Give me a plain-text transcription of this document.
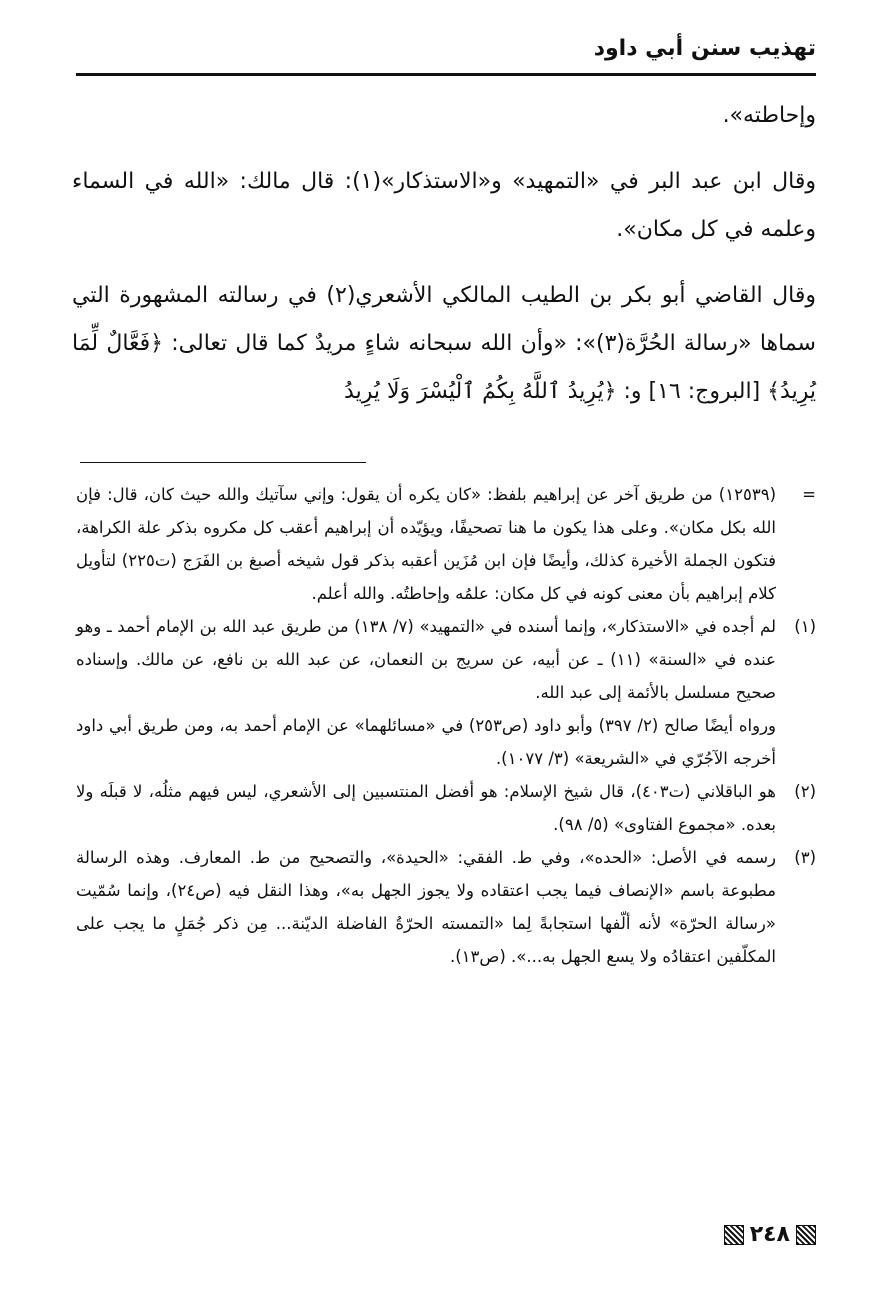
تهذيب سنن أبي داود

وإحاطته».

وقال ابن عبد البر في «التمهيد» و«الاستذكار»(١): قال مالك: «الله في السماء وعلمه في كل مكان».

وقال القاضي أبو بكر بن الطيب المالكي الأشعري(٢) في رسالته المشهورة التي سماها «رسالة الحُرَّة(٣)»: «وأن الله سبحانه شاءٍ مريدٌ كما قال تعالى: ﴿فَعَّالٌ لِّمَا يُرِيدُ﴾ [البروج: ١٦] و: ﴿يُرِيدُ ٱللَّهُ بِكُمُ ٱلْيُسْرَ وَلَا يُرِيدُ

=
(١٢٥٣٩) من طريق آخر عن إبراهيم بلفظ: «كان يكره أن يقول: وإني سآتيك والله حيث كان، قال: فإن الله بكل مكان». وعلى هذا يكون ما هنا تصحيفًا، ويؤيّده أن إبراهيم أعقب كل مكروه بذكر علة الكراهة، فتكون الجملة الأخيرة كذلك، وأيضًا فإن ابن مُزَين أعقبه بذكر قول شيخه أصبغ بن الفَرَج (ت٢٢٥) لتأويل كلام إبراهيم بأن معنى كونه في كل مكان: علمُه وإحاطتُه. والله أعلم.
(١)
لم أجده في «الاستذكار»، وإنما أسنده في «التمهيد» (٧/ ١٣٨) من طريق عبد الله بن الإمام أحمد ـ وهو عنده في «السنة» (١١) ـ عن أبيه، عن سريج بن النعمان، عن عبد الله بن نافع، عن مالك. وإسناده صحيح مسلسل بالأئمة إلى عبد الله.
ورواه أيضًا صالح (٢/ ٣٩٧) وأبو داود (ص٢٥٣) في «مسائلهما» عن الإمام أحمد به، ومن طريق أبي داود أخرجه الآجُرّي في «الشريعة» (٣/ ١٠٧٧).
(٢)
هو الباقلاني (ت٤٠٣)، قال شيخ الإسلام: هو أفضل المنتسبين إلى الأشعري، ليس فيهم مثلُه، لا قبلَه ولا بعده. «مجموع الفتاوى» (٥/ ٩٨).
(٣)
رسمه في الأصل: «الحده»، وفي ط. الفقي: «الحيدة»، والتصحيح من ط. المعارف. وهذه الرسالة مطبوعة باسم «الإنصاف فيما يجب اعتقاده ولا يجوز الجهل به»، وهذا النقل فيه (ص٢٤)، وإنما سُمّيت «رسالة الحرّة» لأنه ألّفها استجابةً لِما «التمسته الحرّةُ الفاضلة الديّنة... مِن ذكر جُمَلٍ ما يجب على المكلّفين اعتقادُه ولا يسع الجهل به...». (ص١٣).
٢٤٨
